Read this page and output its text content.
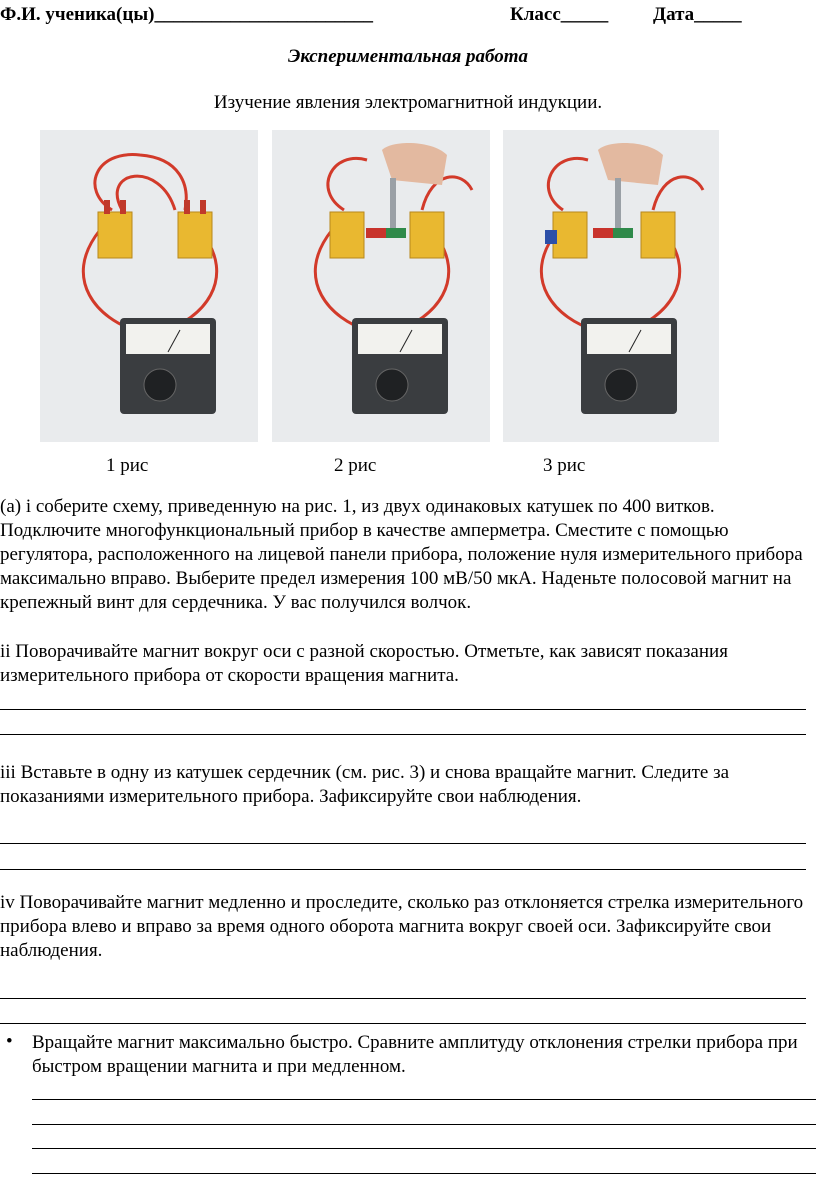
Ф.И. ученика(цы)_______________________	Класс_____ Дата_____
Экспериментальная работа
Изучение явления электромагнитной индукции.
1 рис	2 рис	3 рис
(a) i соберите схему, приведенную на рис. 1, из двух одинаковых катушек по 400 витков. Подключите многофункциональный прибор в качестве амперметра. Сместите с помощью регулятора, расположенного на лицевой панели прибора, положение нуля измерительного прибора максимально вправо. Выберите предел измерения 100 мВ/50 мкА. Наденьте полосовой магнит на крепежный винт для сердечника. У вас получился волчок.
ii Поворачивайте магнит вокруг оси с разной скоростью. Отметьте, как зависят показания измерительного прибора от скорости вращения магнита.
iii Вставьте в одну из катушек сердечник (см. рис. 3) и снова вращайте магнит. Следите за показаниями измерительного прибора. Зафиксируйте свои наблюдения.
iv Поворачивайте магнит медленно и проследите, сколько раз отклоняется стрелка измерительного прибора влево и вправо за время одного оборота магнита вокруг своей оси. Зафиксируйте свои наблюдения.
• Вращайте магнит максимально быстро. Сравните амплитуду отклонения стрелки прибора при быстром вращении магнита и при медленном.
